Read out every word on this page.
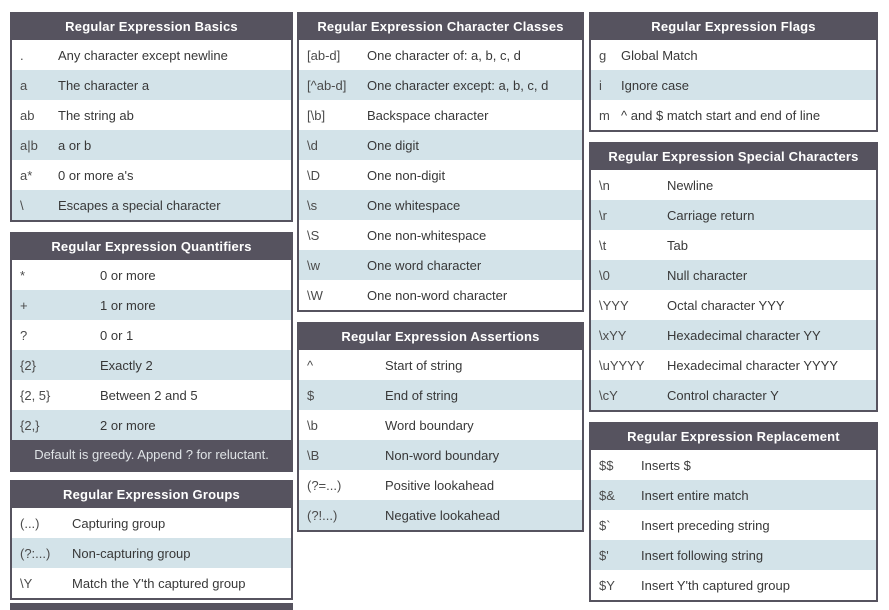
Regular Expression Basics
.	Any character except newline
a	The character a
ab	The string ab
a|b	a or b
a*	0 or more a's
\	Escapes a special character
Regular Expression Quantifiers
*	0 or more
+	1 or more
?	0 or 1
{2}	Exactly 2
{2, 5}	Between 2 and 5
{2,}	2 or more
Default is greedy. Append ? for reluctant.
Regular Expression Groups
(...)	Capturing group
(?:...)	Non-capturing group
\Y	Match the Y'th captured group
Regular Expression Character Classes
[ab-d]	One character of: a, b, c, d
[^ab-d]	One character except: a, b, c, d
[\b]	Backspace character
\d	One digit
\D	One non-digit
\s	One whitespace
\S	One non-whitespace
\w	One word character
\W	One non-word character
Regular Expression Assertions
^	Start of string
$	End of string
\b	Word boundary
\B	Non-word boundary
(?=...)	Positive lookahead
(?!...)	Negative lookahead
Regular Expression Flags
g	Global Match
i	Ignore case
m ^ and $ match start and end of line
Regular Expression Special Characters
\n	Newline
\r	Carriage return
\t	Tab
\0	Null character
\YYY	Octal character YYY
\xYY	Hexadecimal character YY
\uYYYY	Hexadecimal character YYYY
\cY	Control character Y
Regular Expression Replacement
$$	Inserts $
$&	Insert entire match
$`	Insert preceding string
$'	Insert following string
$Y	Insert Y'th captured group
